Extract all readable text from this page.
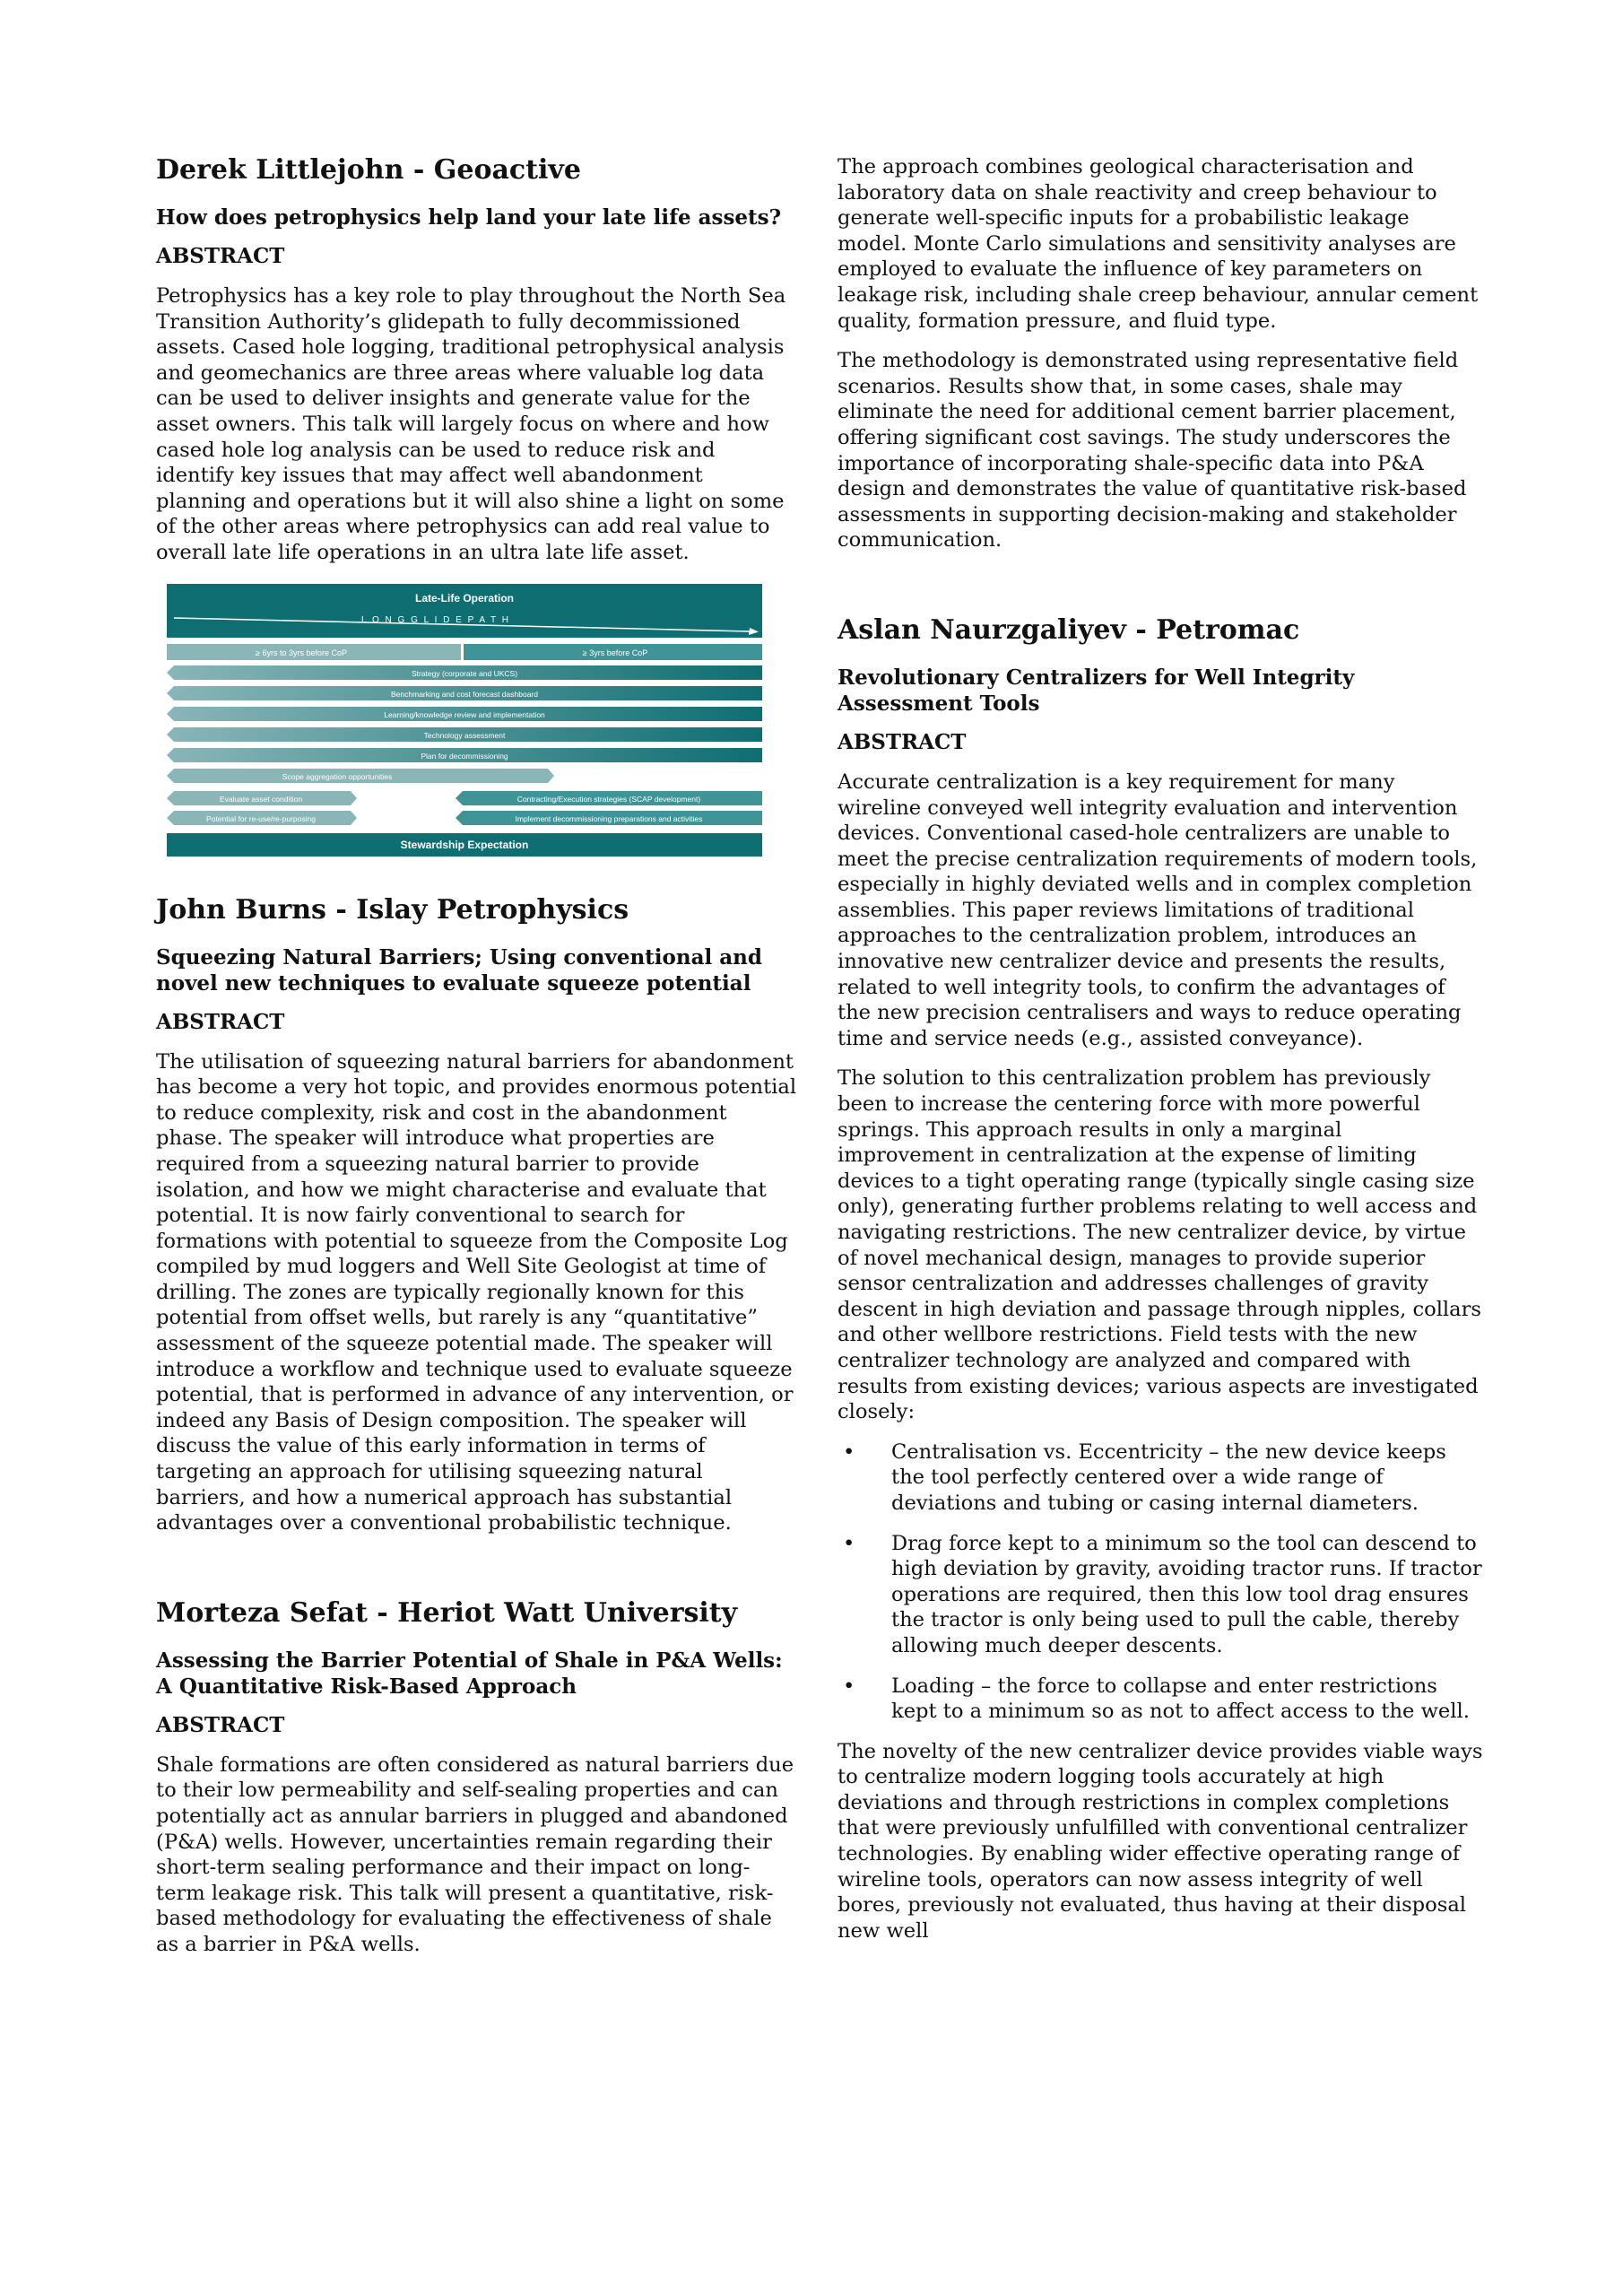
Derek Littlejohn - Geoactive
How does petrophysics help land your late life assets?
ABSTRACT

Petrophysics has a key role to play throughout the North Sea Transition Authority’s glidepath to fully decommissioned assets. Cased hole logging, traditional petrophysical analysis and geomechanics are three areas where valuable log data can be used to deliver insights and generate value for the asset owners. This talk will largely focus on where and how cased hole log analysis can be used to reduce risk and identify key issues that may affect well abandonment planning and operations but it will also shine a light on some of the other areas where petrophysics can add real value to overall late life operations in an ultra late life asset.

Late-Life Operation
L O N G G L I D E P A T H
≥ 6yrs to 3yrs before CoP	≥ 3yrs before CoP
Strategy (corporate and UKCS)
Benchmarking and cost forecast dashboard
Learning/knowledge review and implementation
Technology assessment
Plan for decommissioning
Scope aggregation opportunities
Evaluate asset condition
Potential for re-use/re-purposing
Contracting/Execution strategies (SCAP development)
Implement decommissioning preparations and activities
Stewardship Expectation
John Burns - Islay Petrophysics
Squeezing Natural Barriers; Using conventional and novel new techniques to evaluate squeeze potential
ABSTRACT

The utilisation of squeezing natural barriers for abandonment has become a very hot topic, and provides enormous potential to reduce complexity, risk and cost in the abandonment phase. The speaker will introduce what properties are required from a squeezing natural barrier to provide isolation, and how we might characterise and evaluate that potential. It is now fairly conventional to search for formations with potential to squeeze from the Composite Log compiled by mud loggers and Well Site Geologist at time of drilling. The zones are typically regionally known for this potential from offset wells, but rarely is any “quantitative” assessment of the squeeze potential made. The speaker will introduce a workflow and technique used to evaluate squeeze potential, that is performed in advance of any intervention, or indeed any Basis of Design composition. The speaker will discuss the value of this early information in terms of targeting an approach for utilising squeezing natural barriers, and how a numerical approach has substantial advantages over a conventional probabilistic technique.

Morteza Sefat - Heriot Watt University
Assessing the Barrier Potential of Shale in P&A Wells: A Quantitative Risk-Based Approach
ABSTRACT

Shale formations are often considered as natural barriers due to their low permeability and self-sealing properties and can potentially act as annular barriers in plugged and abandoned (P&A) wells. However, uncertainties remain regarding their short-term sealing performance and their impact on long-term leakage risk. This talk will present a quantitative, risk-based methodology for evaluating the effectiveness of shale as a barrier in P&A wells.

The approach combines geological characterisation and laboratory data on shale reactivity and creep behaviour to generate well-specific inputs for a probabilistic leakage model. Monte Carlo simulations and sensitivity analyses are employed to evaluate the influence of key parameters on leakage risk, including shale creep behaviour, annular cement quality, formation pressure, and fluid type.

The methodology is demonstrated using representative field scenarios. Results show that, in some cases, shale may eliminate the need for additional cement barrier placement, offering significant cost savings. The study underscores the importance of incorporating shale-specific data into P&A design and demonstrates the value of quantitative risk-based assessments in supporting decision-making and stakeholder communication.

Aslan Naurzgaliyev - Petromac
Revolutionary Centralizers for Well Integrity Assessment Tools
ABSTRACT

Accurate centralization is a key requirement for many wireline conveyed well integrity evaluation and intervention devices. Conventional cased-hole centralizers are unable to meet the precise centralization requirements of modern tools, especially in highly deviated wells and in complex completion assemblies. This paper reviews limitations of traditional approaches to the centralization problem, introduces an innovative new centralizer device and presents the results, related to well integrity tools, to confirm the advantages of the new precision centralisers and ways to reduce operating time and service needs (e.g., assisted conveyance).

The solution to this centralization problem has previously been to increase the centering force with more powerful springs. This approach results in only a marginal improvement in centralization at the expense of limiting devices to a tight operating range (typically single casing size only), generating further problems relating to well access and navigating restrictions. The new centralizer device, by virtue of novel mechanical design, manages to provide superior sensor centralization and addresses challenges of gravity descent in high deviation and passage through nipples, collars and other wellbore restrictions. Field tests with the new centralizer technology are analyzed and compared with results from existing devices; various aspects are investigated closely:

• Centralisation vs. Eccentricity – the new device keeps the tool perfectly centered over a wide range of deviations and tubing or casing internal diameters.
• Drag force kept to a minimum so the tool can descend to high deviation by gravity, avoiding tractor runs. If tractor operations are required, then this low tool drag ensures the tractor is only being used to pull the cable, thereby allowing much deeper descents.
• Loading – the force to collapse and enter restrictions kept to a minimum so as not to affect access to the well.

The novelty of the new centralizer device provides viable ways to centralize modern logging tools accurately at high deviations and through restrictions in complex completions that were previously unfulfilled with conventional centralizer technologies. By enabling wider effective operating range of wireline tools, operators can now assess integrity of well bores, previously not evaluated, thus having at their disposal new well
